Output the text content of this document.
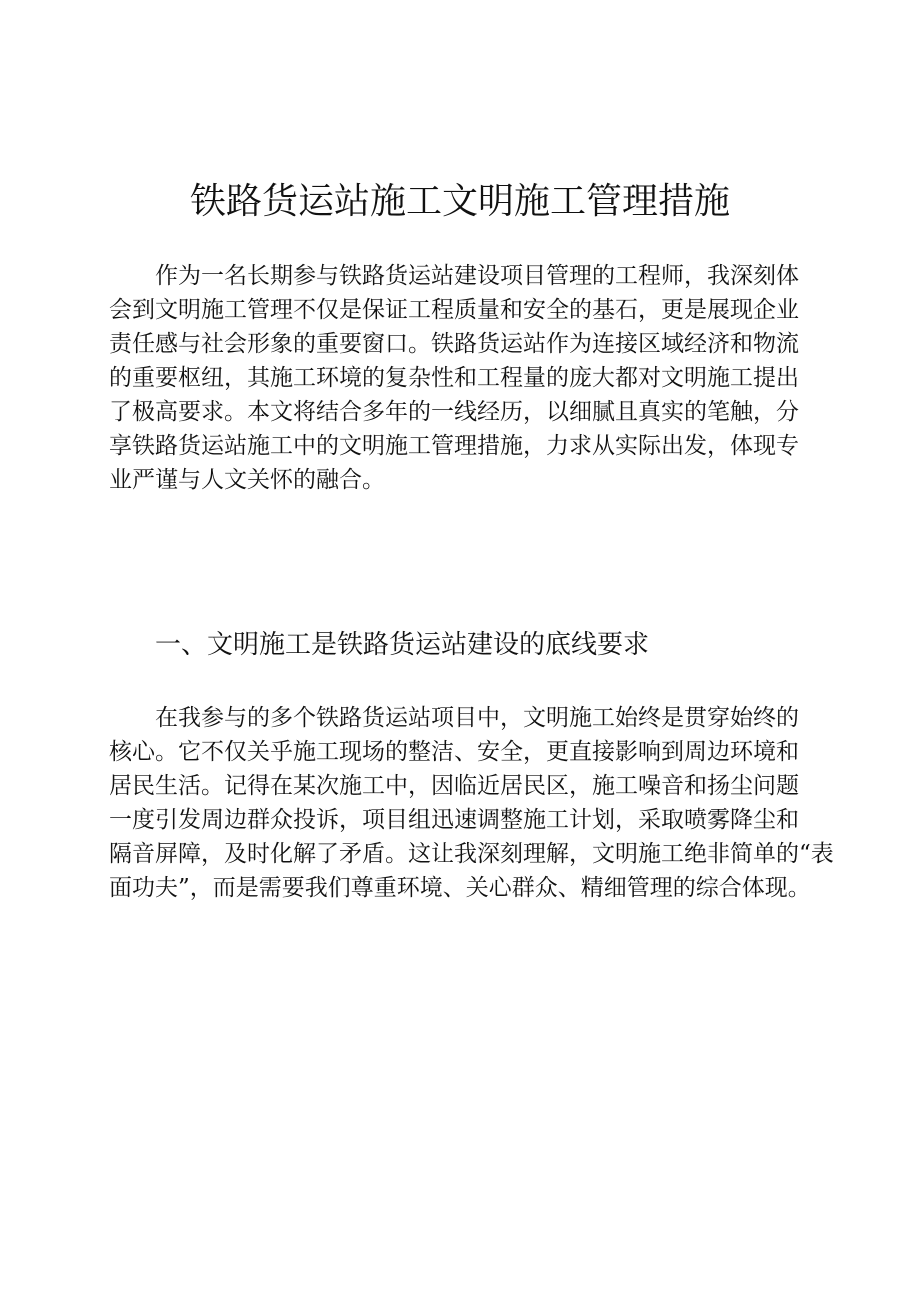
铁路货运站施工文明施工管理措施
　　作为一名长期参与铁路货运站建设项目管理的工程师，我深刻体
会到文明施工管理不仅是保证工程质量和安全的基石，更是展现企业
责任感与社会形象的重要窗口。铁路货运站作为连接区域经济和物流
的重要枢纽，其施工环境的复杂性和工程量的庞大都对文明施工提出
了极高要求。本文将结合多年的一线经历，以细腻且真实的笔触，分
享铁路货运站施工中的文明施工管理措施，力求从实际出发，体现专
业严谨与人文关怀的融合。
一、文明施工是铁路货运站建设的底线要求
　　在我参与的多个铁路货运站项目中，文明施工始终是贯穿始终的
核心。它不仅关乎施工现场的整洁、安全，更直接影响到周边环境和
居民生活。记得在某次施工中，因临近居民区，施工噪音和扬尘问题
一度引发周边群众投诉，项目组迅速调整施工计划，采取喷雾降尘和
隔音屏障，及时化解了矛盾。这让我深刻理解，文明施工绝非简单的“表
面功夫”，而是需要我们尊重环境、关心群众、精细管理的综合体现。
